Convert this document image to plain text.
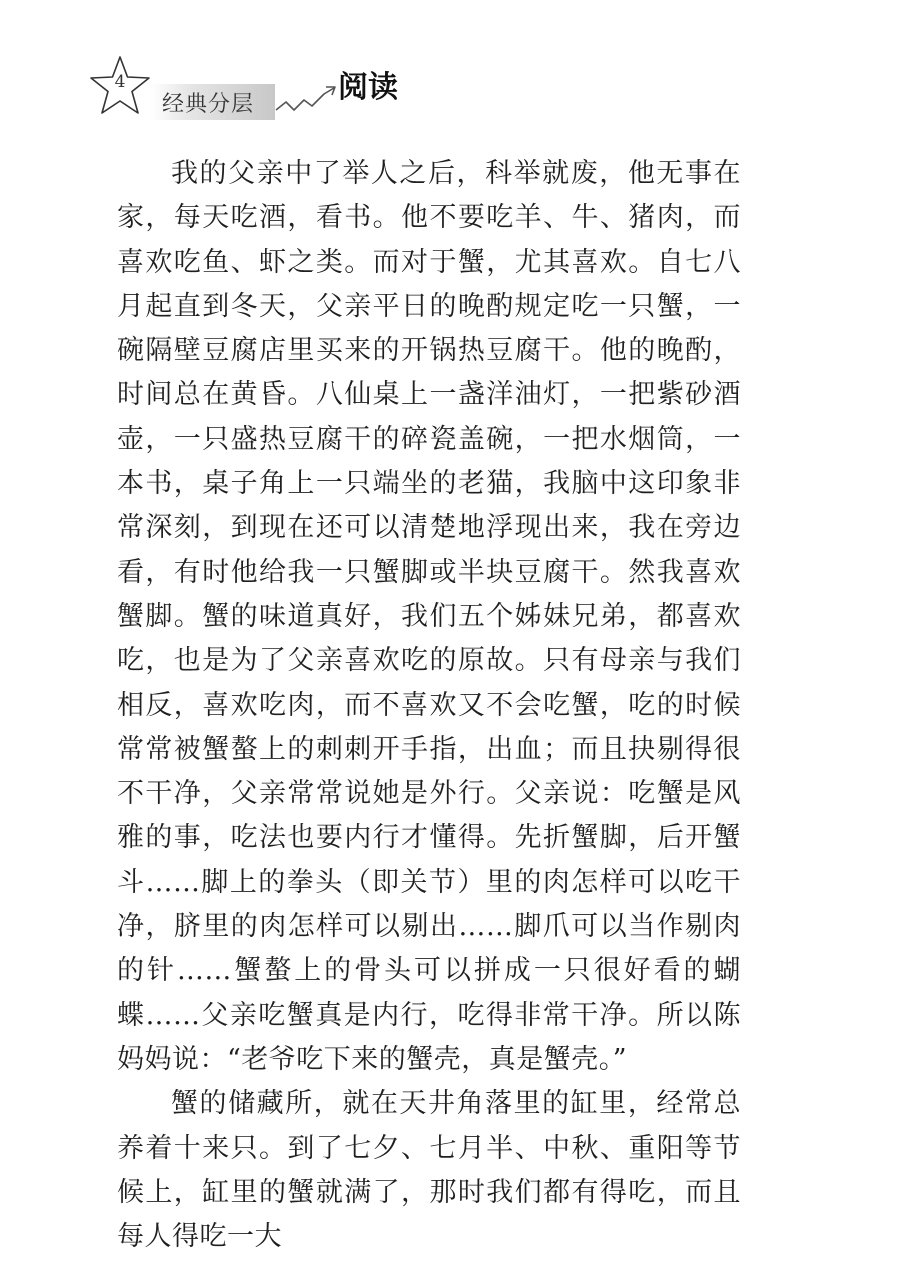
4
经典分层	阅读

我的父亲中了举人之后，科举就废，他无事在家，每天吃酒，看书。他不要吃羊、牛、猪肉，而喜欢吃鱼、虾之类。而对于蟹，尤其喜欢。自七八月起直到冬天，父亲平日的晚酌规定吃一只蟹，一碗隔壁豆腐店里买来的开锅热豆腐干。他的晚酌，时间总在黄昏。八仙桌上一盏洋油灯，一把紫砂酒壶，一只盛热豆腐干的碎瓷盖碗，一把水烟筒，一本书，桌子角上一只端坐的老猫，我脑中这印象非常深刻，到现在还可以清楚地浮现出来，我在旁边看，有时他给我一只蟹脚或半块豆腐干。然我喜欢蟹脚。蟹的味道真好，我们五个姊妹兄弟，都喜欢吃，也是为了父亲喜欢吃的原故。只有母亲与我们相反，喜欢吃肉，而不喜欢又不会吃蟹，吃的时候常常被蟹螯上的刺刺开手指，出血；而且抉剔得很不干净，父亲常常说她是外行。父亲说：吃蟹是风雅的事，吃法也要内行才懂得。先折蟹脚，后开蟹斗……脚上的拳头（即关节）里的肉怎样可以吃干净，脐里的肉怎样可以剔出……脚爪可以当作剔肉的针……蟹螯上的骨头可以拼成一只很好看的蝴蝶……父亲吃蟹真是内行，吃得非常干净。所以陈妈妈说：“老爷吃下来的蟹壳，真是蟹壳。”

蟹的储藏所，就在天井角落里的缸里，经常总养着十来只。到了七夕、七月半、中秋、重阳等节候上，缸里的蟹就满了，那时我们都有得吃，而且每人得吃一大
